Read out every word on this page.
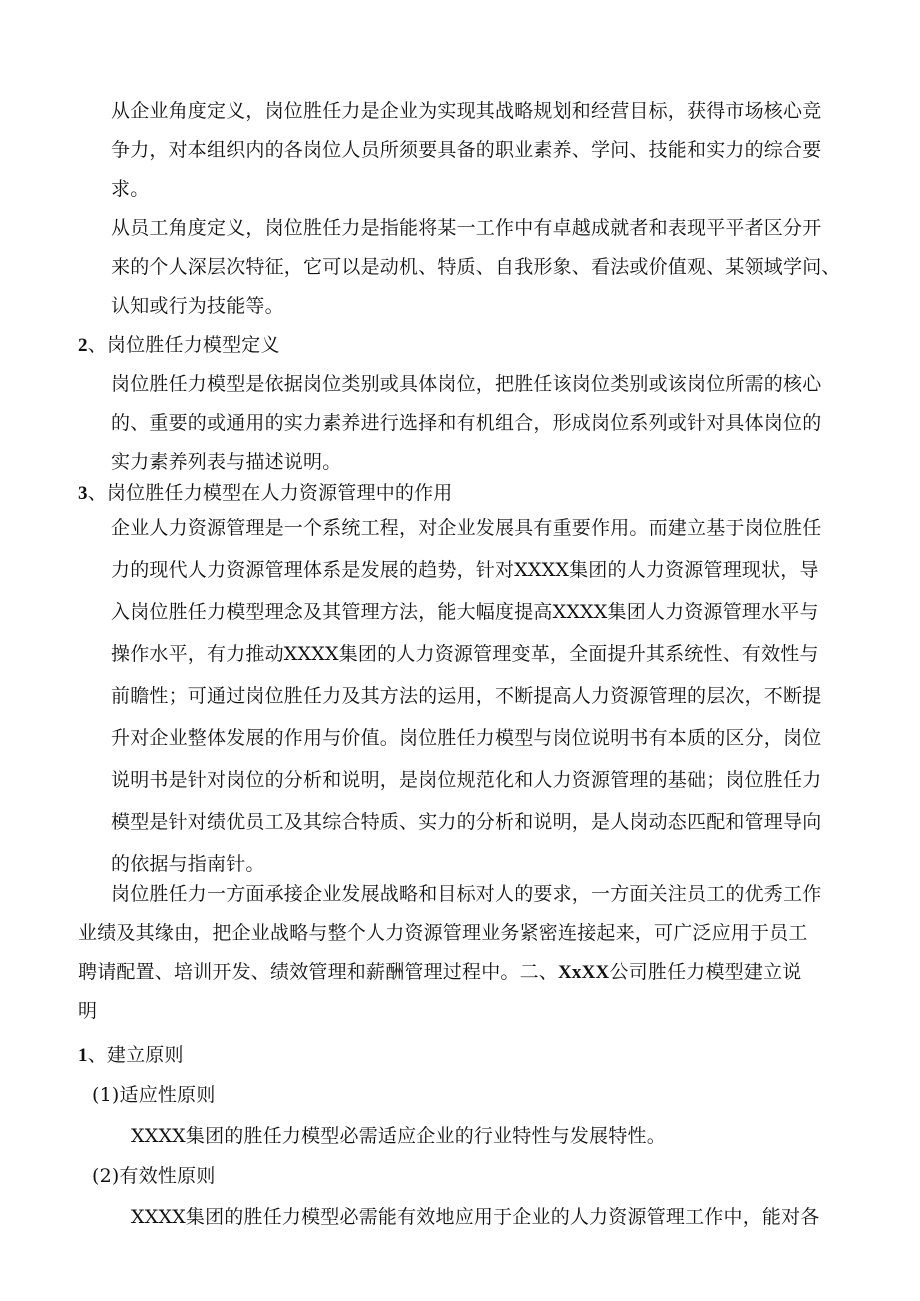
从企业角度定义，岗位胜任力是企业为实现其战略规划和经营目标，获得市场核心竞
争力，对本组织内的各岗位人员所须要具备的职业素养、学问、技能和实力的综合要
求。
从员工角度定义，岗位胜任力是指能将某一工作中有卓越成就者和表现平平者区分开
来的个人深层次特征，它可以是动机、特质、自我形象、看法或价值观、某领域学问、
认知或行为技能等。
2、岗位胜任力模型定义
岗位胜任力模型是依据岗位类别或具体岗位，把胜任该岗位类别或该岗位所需的核心
的、重要的或通用的实力素养进行选择和有机组合，形成岗位系列或针对具体岗位的
实力素养列表与描述说明。
3、岗位胜任力模型在人力资源管理中的作用
企业人力资源管理是一个系统工程，对企业发展具有重要作用。而建立基于岗位胜任
力的现代人力资源管理体系是发展的趋势，针对XXXX集团的人力资源管理现状，导
入岗位胜任力模型理念及其管理方法，能大幅度提高XXXX集团人力资源管理水平与
操作水平，有力推动XXXX集团的人力资源管理变革，全面提升其系统性、有效性与
前瞻性；可通过岗位胜任力及其方法的运用，不断提高人力资源管理的层次，不断提
升对企业整体发展的作用与价值。岗位胜任力模型与岗位说明书有本质的区分，岗位
说明书是针对岗位的分析和说明，是岗位规范化和人力资源管理的基础；岗位胜任力
模型是针对绩优员工及其综合特质、实力的分析和说明，是人岗动态匹配和管理导向
的依据与指南针。
岗位胜任力一方面承接企业发展战略和目标对人的要求，一方面关注员工的优秀工作
业绩及其缘由，把企业战略与整个人力资源管理业务紧密连接起来，可广泛应用于员工
聘请配置、培训开发、绩效管理和薪酬管理过程中。二、XxXX公司胜任力模型建立说
明
1、建立原则
(1)适应性原则
XXXX集团的胜任力模型必需适应企业的行业特性与发展特性。
(2)有效性原则
XXXX集团的胜任力模型必需能有效地应用于企业的人力资源管理工作中，能对各
